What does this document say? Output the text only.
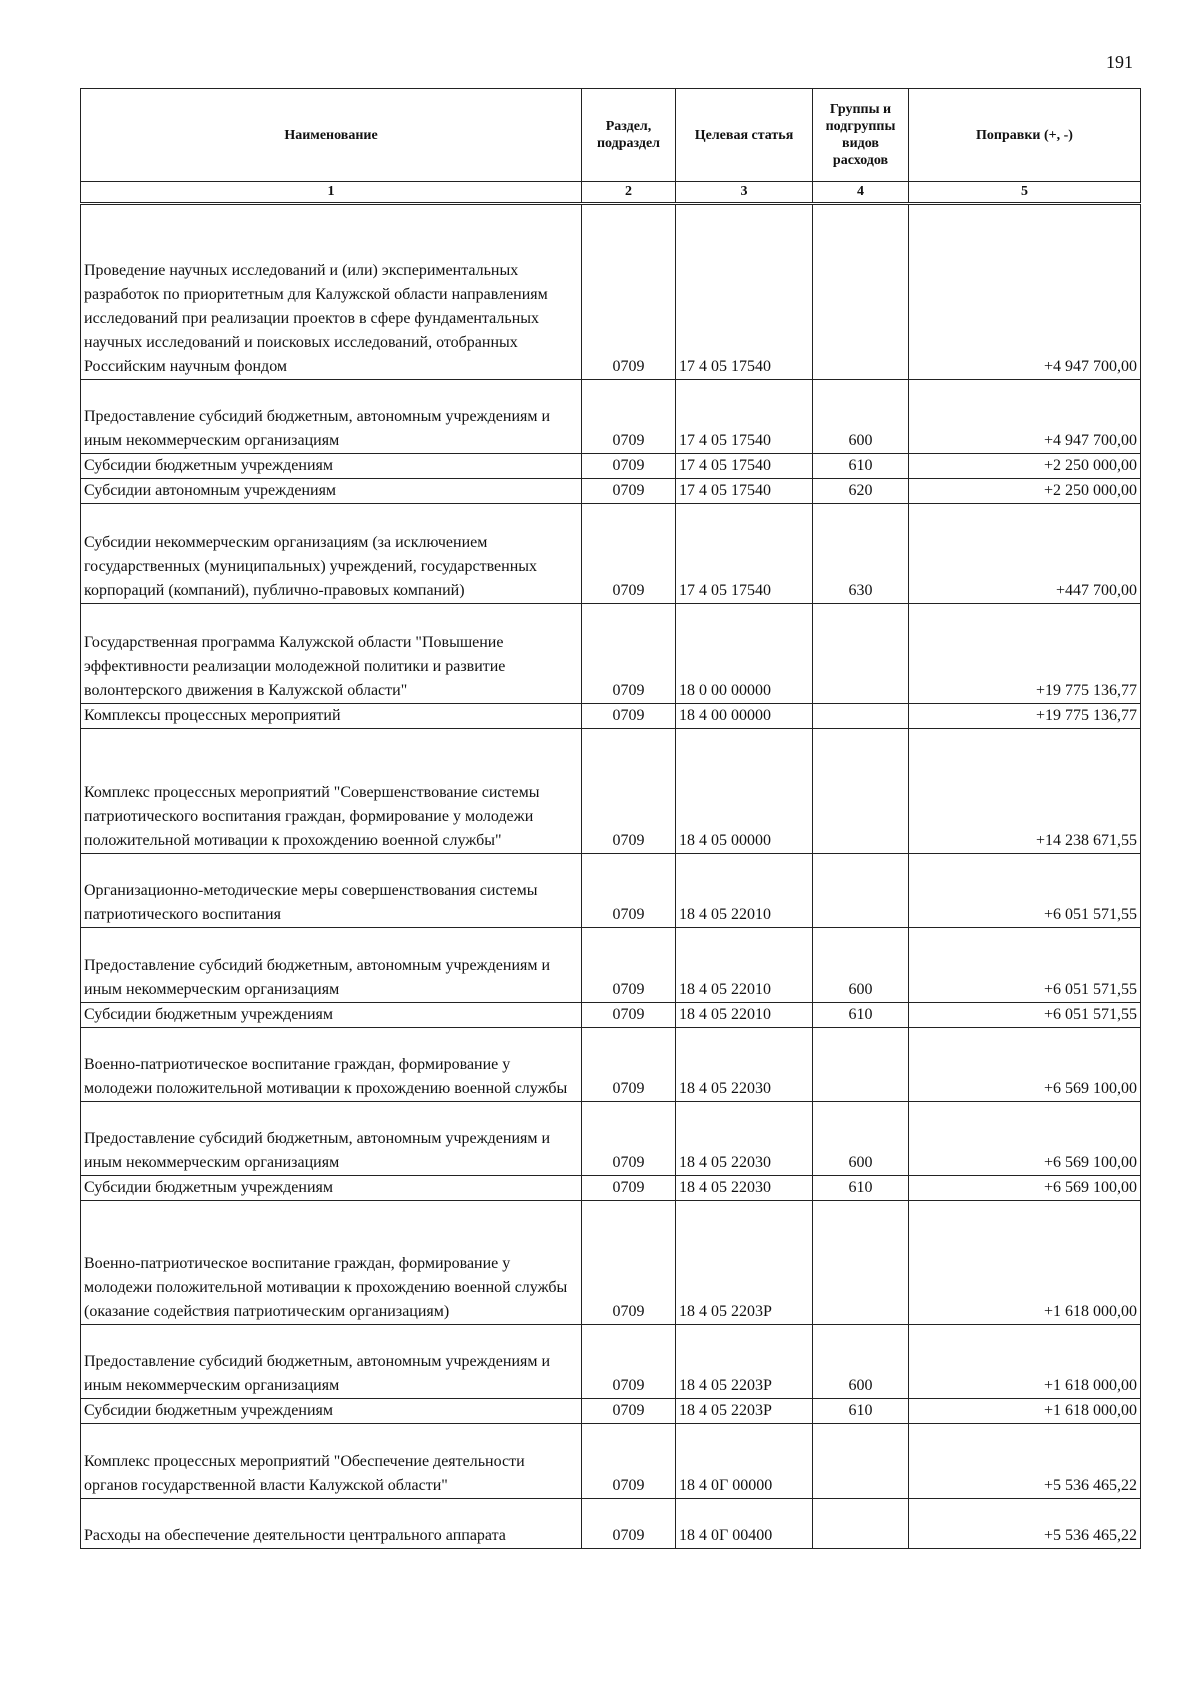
191
Наименование	Раздел, подраздел	Целевая статья	Группы и подгруппы видов расходов	Поправки (+, -)
1	2	3	4	5
Проведение научных исследований и (или) экспериментальных разработок по приоритетным для Калужской области направлениям исследований при реализации проектов в сфере фундаментальных научных исследований и поисковых исследований, отобранных Российским научным фондом	0709	17 4 05 17540		+4 947 700,00
Предоставление субсидий бюджетным, автономным учреждениям и иным некоммерческим организациям	0709	17 4 05 17540	600	+4 947 700,00
Субсидии бюджетным учреждениям	0709	17 4 05 17540	610	+2 250 000,00
Субсидии автономным учреждениям	0709	17 4 05 17540	620	+2 250 000,00
Субсидии некоммерческим организациям (за исключением государственных (муниципальных) учреждений, государственных корпораций (компаний), публично-правовых компаний)	0709	17 4 05 17540	630	+447 700,00
Государственная программа Калужской области "Повышение эффективности реализации молодежной политики и развитие волонтерского движения в Калужской области"	0709	18 0 00 00000		+19 775 136,77
Комплексы процессных мероприятий	0709	18 4 00 00000		+19 775 136,77
Комплекс процессных мероприятий "Совершенствование системы патриотического воспитания граждан, формирование у молодежи положительной мотивации к прохождению военной службы"	0709	18 4 05 00000		+14 238 671,55
Организационно-методические меры совершенствования системы патриотического воспитания	0709	18 4 05 22010		+6 051 571,55
Предоставление субсидий бюджетным, автономным учреждениям и иным некоммерческим организациям	0709	18 4 05 22010	600	+6 051 571,55
Субсидии бюджетным учреждениям	0709	18 4 05 22010	610	+6 051 571,55
Военно-патриотическое воспитание граждан, формирование у молодежи положительной мотивации к прохождению военной службы	0709	18 4 05 22030		+6 569 100,00
Предоставление субсидий бюджетным, автономным учреждениям и иным некоммерческим организациям	0709	18 4 05 22030	600	+6 569 100,00
Субсидии бюджетным учреждениям	0709	18 4 05 22030	610	+6 569 100,00
Военно-патриотическое воспитание граждан, формирование у молодежи положительной мотивации к прохождению военной службы (оказание содействия патриотическим организациям)	0709	18 4 05 2203Р		+1 618 000,00
Предоставление субсидий бюджетным, автономным учреждениям и иным некоммерческим организациям	0709	18 4 05 2203Р	600	+1 618 000,00
Субсидии бюджетным учреждениям	0709	18 4 05 2203Р	610	+1 618 000,00
Комплекс процессных мероприятий "Обеспечение деятельности органов государственной власти Калужской области"	0709	18 4 0Г 00000		+5 536 465,22
Расходы на обеспечение деятельности центрального аппарата	0709	18 4 0Г 00400		+5 536 465,22
